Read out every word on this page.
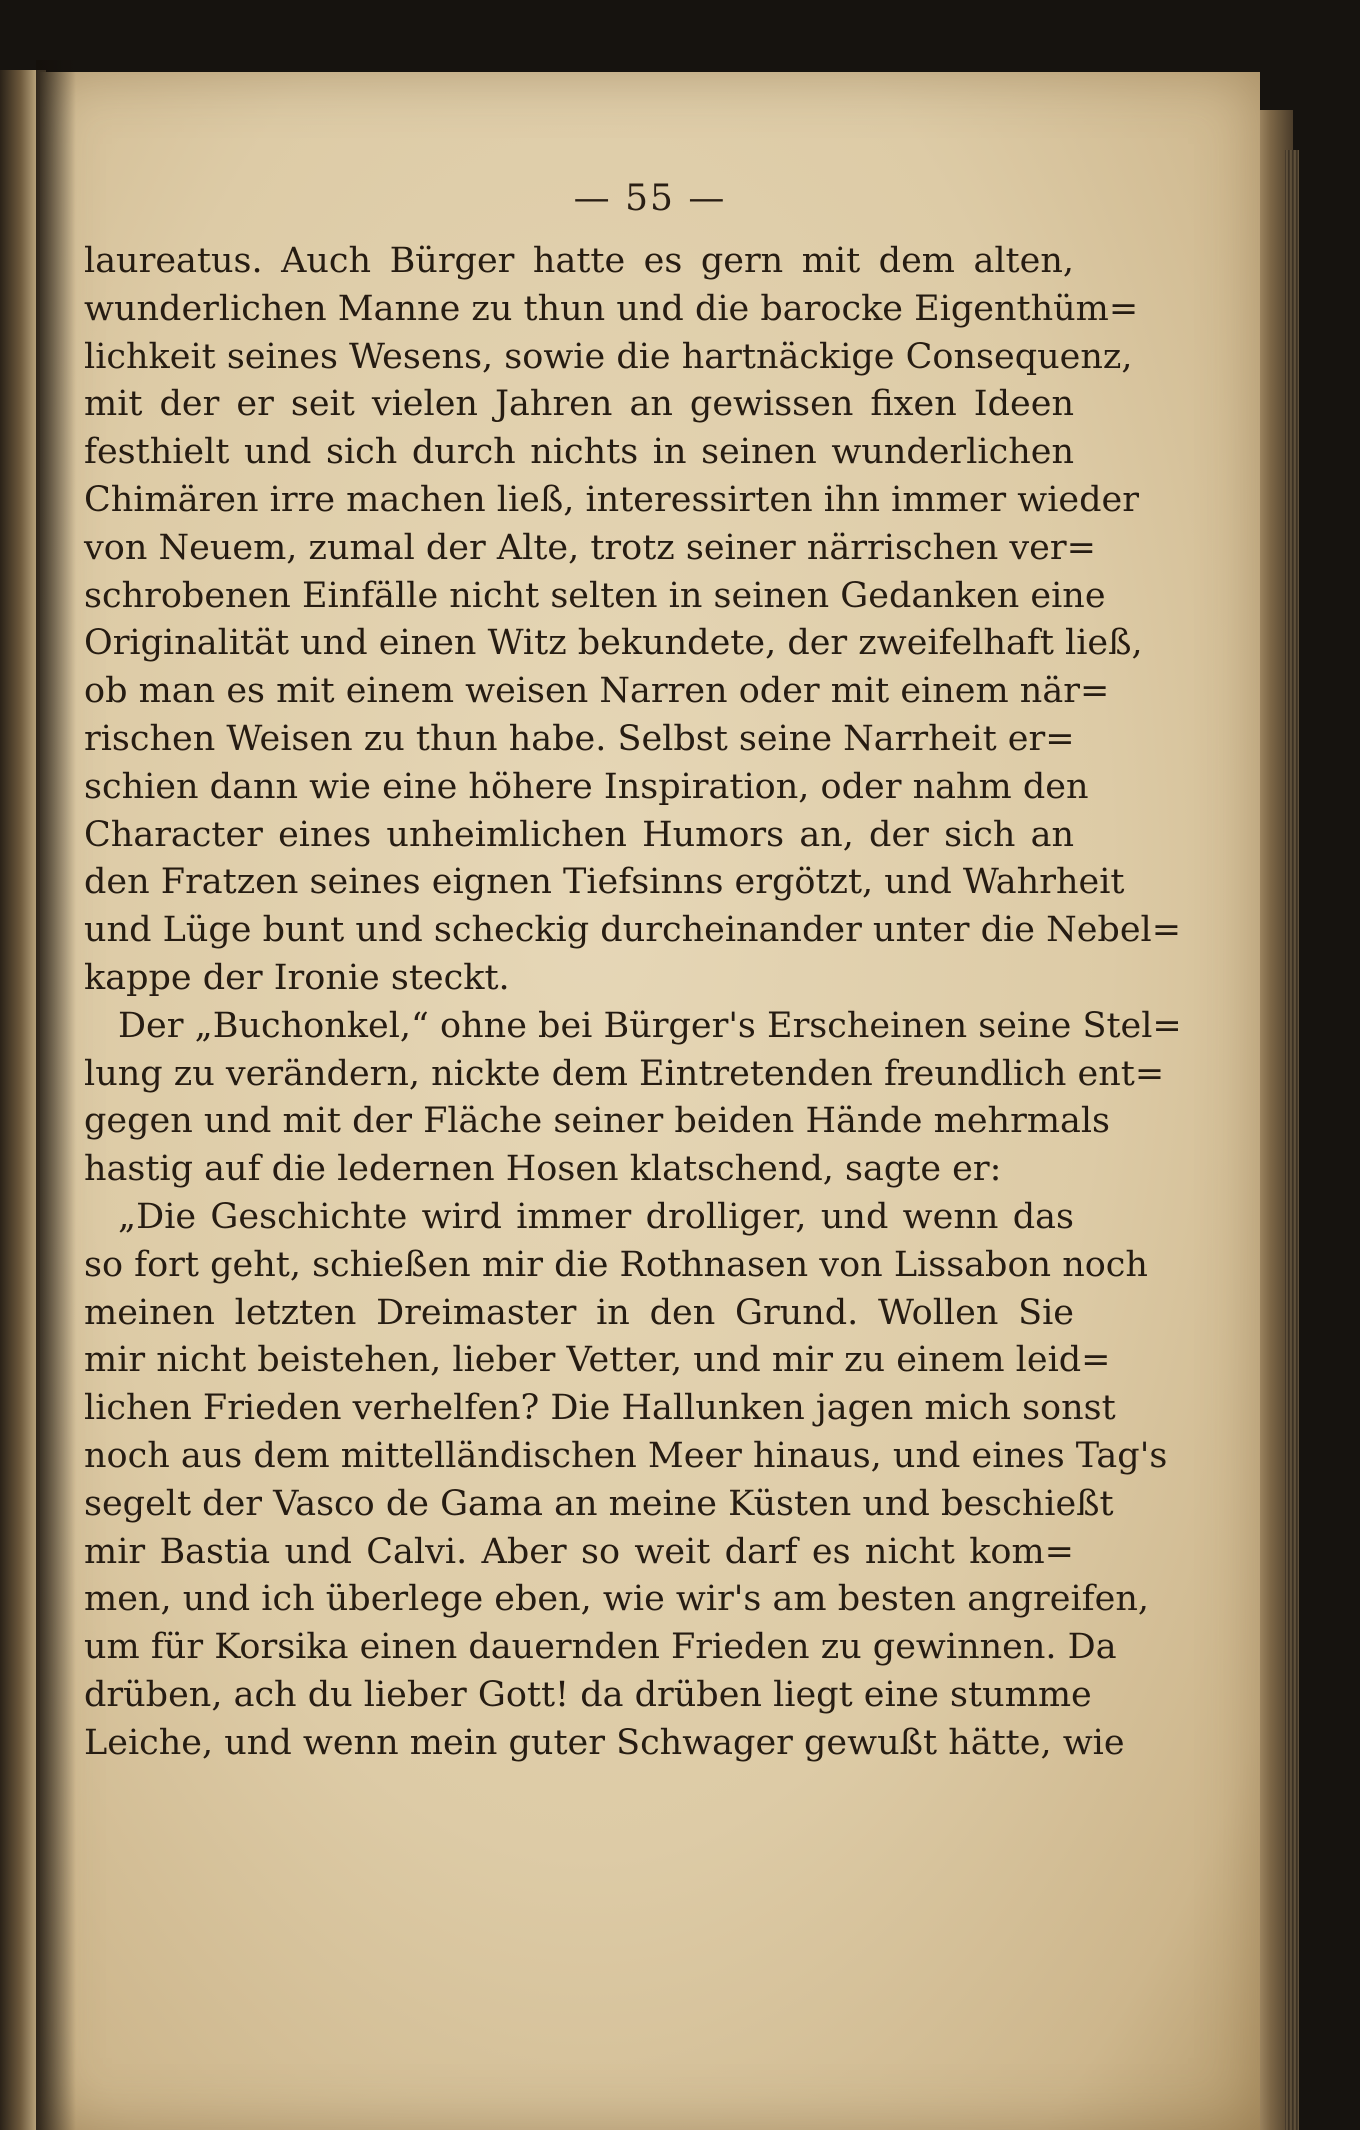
— 55 —
laureatus. Auch Bürger hatte es gern mit dem alten,
wunderlichen Manne zu thun und die barocke Eigenthüm=
lichkeit seines Wesens, sowie die hartnäckige Consequenz,
mit der er seit vielen Jahren an gewissen fixen Ideen
festhielt und sich durch nichts in seinen wunderlichen
Chimären irre machen ließ, interessirten ihn immer wieder
von Neuem, zumal der Alte, trotz seiner närrischen ver=
schrobenen Einfälle nicht selten in seinen Gedanken eine
Originalität und einen Witz bekundete, der zweifelhaft ließ,
ob man es mit einem weisen Narren oder mit einem när=
rischen Weisen zu thun habe. Selbst seine Narrheit er=
schien dann wie eine höhere Inspiration, oder nahm den
Character eines unheimlichen Humors an, der sich an
den Fratzen seines eignen Tiefsinns ergötzt, und Wahrheit
und Lüge bunt und scheckig durcheinander unter die Nebel=
kappe der Ironie steckt.
Der „Buchonkel,“ ohne bei Bürger's Erscheinen seine Stel=
lung zu verändern, nickte dem Eintretenden freundlich ent=
gegen und mit der Fläche seiner beiden Hände mehrmals
hastig auf die ledernen Hosen klatschend, sagte er:
„Die Geschichte wird immer drolliger, und wenn das
so fort geht, schießen mir die Rothnasen von Lissabon noch
meinen letzten Dreimaster in den Grund. Wollen Sie
mir nicht beistehen, lieber Vetter, und mir zu einem leid=
lichen Frieden verhelfen? Die Hallunken jagen mich sonst
noch aus dem mittelländischen Meer hinaus, und eines Tag's
segelt der Vasco de Gama an meine Küsten und beschießt
mir Bastia und Calvi. Aber so weit darf es nicht kom=
men, und ich überlege eben, wie wir's am besten angreifen,
um für Korsika einen dauernden Frieden zu gewinnen. Da
drüben, ach du lieber Gott! da drüben liegt eine stumme
Leiche, und wenn mein guter Schwager gewußt hätte, wie
